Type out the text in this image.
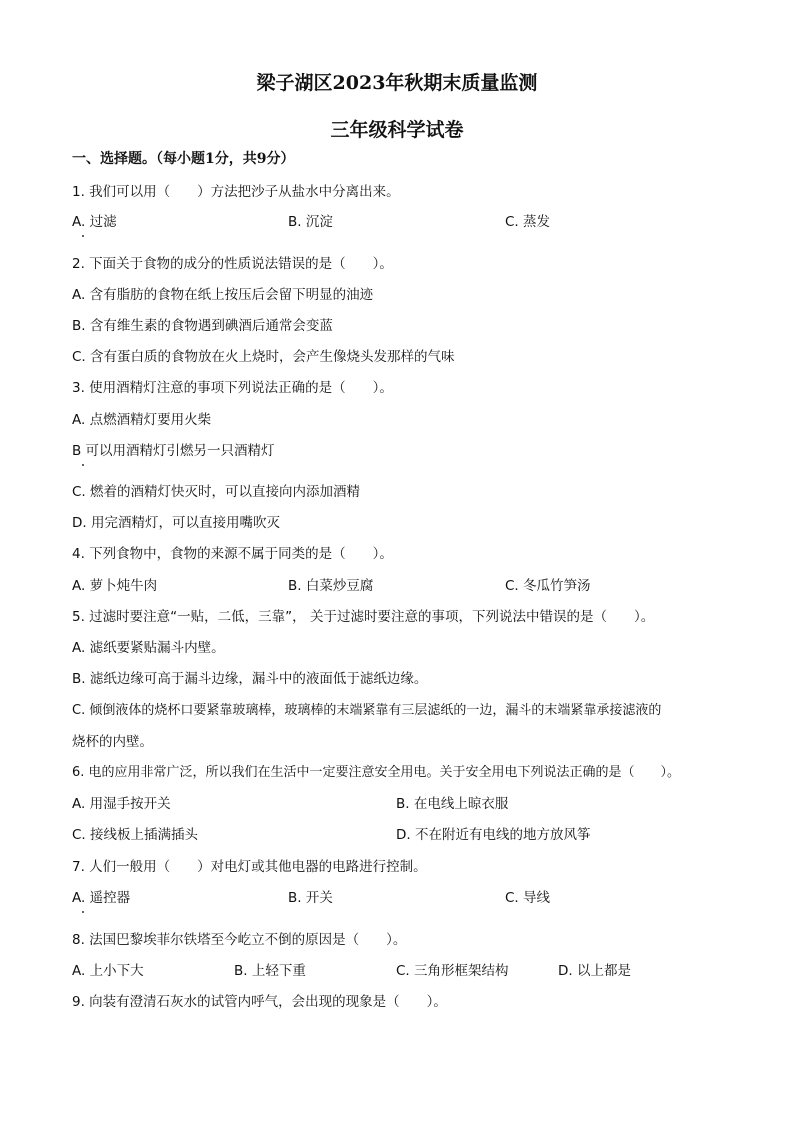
梁子湖区2023年秋期末质量监测
三年级科学试卷
一、选择题。（每小题1分，共9分）
1. 我们可以用（　　）方法把沙子从盐水中分离出来。
A. 过滤	B. 沉淀	C. 蒸发
2. 下面关于食物的成分的性质说法错误的是（　　）。
A. 含有脂肪的食物在纸上按压后会留下明显的油迹
B. 含有维生素的食物遇到碘酒后通常会变蓝
C. 含有蛋白质的食物放在火上烧时，会产生像烧头发那样的气味
3. 使用酒精灯注意的事项下列说法正确的是（　　）。
A. 点燃酒精灯要用火柴
B 可以用酒精灯引燃另一只酒精灯
C. 燃着的酒精灯快灭时，可以直接向内添加酒精
D. 用完酒精灯，可以直接用嘴吹灭
4. 下列食物中，食物的来源不属于同类的是（　　）。
A. 萝卜炖牛肉	B. 白菜炒豆腐	C. 冬瓜竹笋汤
5. 过滤时要注意“一贴，二低，三靠”， 关于过滤时要注意的事项，下列说法中错误的是（　　）。
A. 滤纸要紧贴漏斗内壁。
B. 滤纸边缘可高于漏斗边缘，漏斗中的液面低于滤纸边缘。
C. 倾倒液体的烧杯口要紧靠玻璃棒，玻璃棒的末端紧靠有三层滤纸的一边，漏斗的末端紧靠承接滤液的
烧杯的内壁。
6. 电的应用非常广泛，所以我们在生活中一定要注意安全用电。关于安全用电下列说法正确的是（　　）。
A. 用湿手按开关	B. 在电线上晾衣服
C. 接线板上插满插头	D. 不在附近有电线的地方放风筝
7. 人们一般用（　　）对电灯或其他电器的电路进行控制。
A. 遥控器	B. 开关	C. 导线
8. 法国巴黎埃菲尔铁塔至今屹立不倒的原因是（　　）。
A. 上小下大	B. 上轻下重	C. 三角形框架结构	D. 以上都是
9. 向装有澄清石灰水的试管内呼气，会出现的现象是（　　）。
